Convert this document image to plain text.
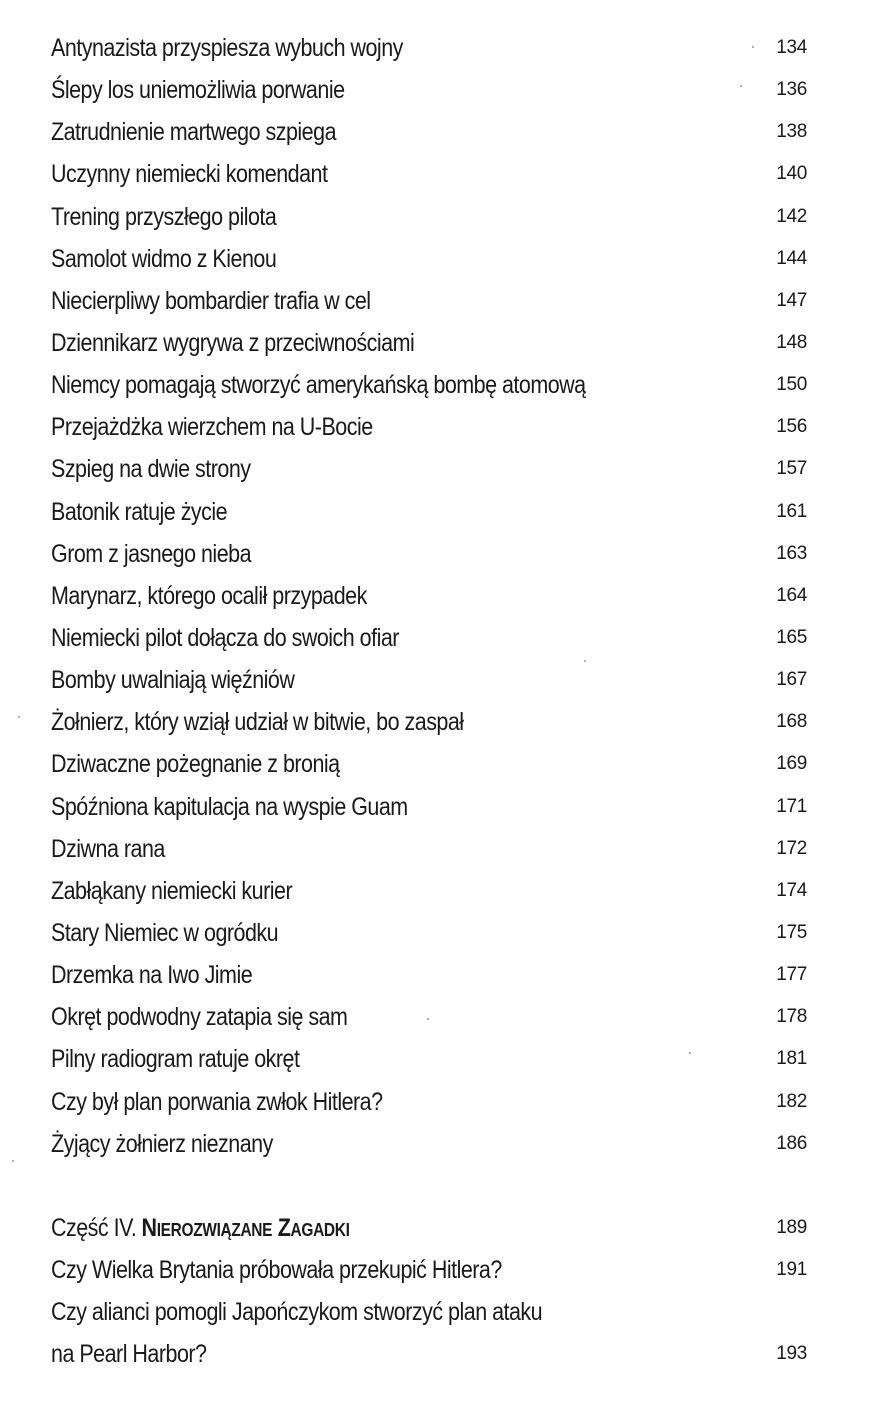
Antynazista przyspiesza wybuch wojny	134
Ślepy los uniemożliwia porwanie	136
Zatrudnienie martwego szpiega	138
Uczynny niemiecki komendant	140
Trening przyszłego pilota	142
Samolot widmo z Kienou	144
Niecierpliwy bombardier trafia w cel	147
Dziennikarz wygrywa z przeciwnościami	148
Niemcy pomagają stworzyć amerykańską bombę atomową	150
Przejażdżka wierzchem na U-Bocie	156
Szpieg na dwie strony	157
Batonik ratuje życie	161
Grom z jasnego nieba	163
Marynarz, którego ocalił przypadek	164
Niemiecki pilot dołącza do swoich ofiar	165
Bomby uwalniają więźniów	167
Żołnierz, który wziął udział w bitwie, bo zaspał	168
Dziwaczne pożegnanie z bronią	169
Spóźniona kapitulacja na wyspie Guam	171
Dziwna rana	172
Zabłąkany niemiecki kurier	174
Stary Niemiec w ogródku	175
Drzemka na Iwo Jimie	177
Okręt podwodny zatapia się sam	178
Pilny radiogram ratuje okręt	181
Czy był plan porwania zwłok Hitlera?	182
Żyjący żołnierz nieznany	186
Część IV. Nierozwiązane Zagadki	189
Czy Wielka Brytania próbowała przekupić Hitlera?	191
Czy alianci pomogli Japończykom stworzyć plan ataku
na Pearl Harbor?	193
